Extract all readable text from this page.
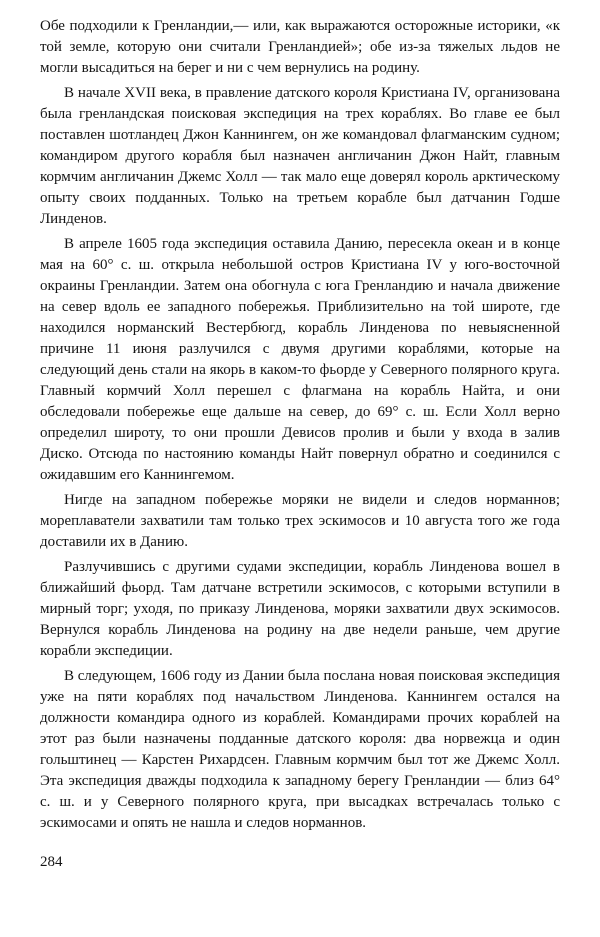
Обе подходили к Гренландии,— или, как выражаются осторожные историки, «к той земле, которую они считали Гренландией»; обе из-за тяжелых льдов не могли высадиться на берег и ни с чем вернулись на родину.

В начале XVII века, в правление датского короля Кристиана IV, организована была гренландская поисковая экспедиция на трех кораблях. Во главе ее был поставлен шотландец Джон Каннингем, он же командовал флагманским судном; командиром другого корабля был назначен англичанин Джон Найт, главным кормчим англичанин Джемс Холл — так мало еще доверял король арктическому опыту своих подданных. Только на третьем корабле был датчанин Годше Линденов.

В апреле 1605 года экспедиция оставила Данию, пересекла океан и в конце мая на 60° с. ш. открыла небольшой остров Кристиана IV у юго-восточной окраины Гренландии. Затем она обогнула с юга Гренландию и начала движение на север вдоль ее западного побережья. Приблизительно на той широте, где находился норманский Вестербюгд, корабль Линденова по невыясненной причине 11 июня разлучился с двумя другими кораблями, которые на следующий день стали на якорь в каком-то фьорде у Северного полярного круга. Главный кормчий Холл перешел с флагмана на корабль Найта, и они обследовали побережье еще дальше на север, до 69° с. ш. Если Холл верно определил широту, то они прошли Девисов пролив и были у входа в залив Диско. Отсюда по настоянию команды Найт повернул обратно и соединился с ожидавшим его Каннингемом.

Нигде на западном побережье моряки не видели и следов норманнов; мореплаватели захватили там только трех эскимосов и 10 августа того же года доставили их в Данию.

Разлучившись с другими судами экспедиции, корабль Линденова вошел в ближайший фьорд. Там датчане встретили эскимосов, с которыми вступили в мирный торг; уходя, по приказу Линденова, моряки захватили двух эскимосов. Вернулся корабль Линденова на родину на две недели раньше, чем другие корабли экспедиции.

В следующем, 1606 году из Дании была послана новая поисковая экспедиция уже на пяти кораблях под начальством Линденова. Каннингем остался на должности командира одного из кораблей. Командирами прочих кораблей на этот раз были назначены подданные датского короля: два норвежца и один гольштинец — Карстен Рихардсен. Главным кормчим был тот же Джемс Холл. Эта экспедиция дважды подходила к западному берегу Гренландии — близ 64° с. ш. и у Северного полярного круга, при высадках встречалась только с эскимосами и опять не нашла и следов норманнов.

284
